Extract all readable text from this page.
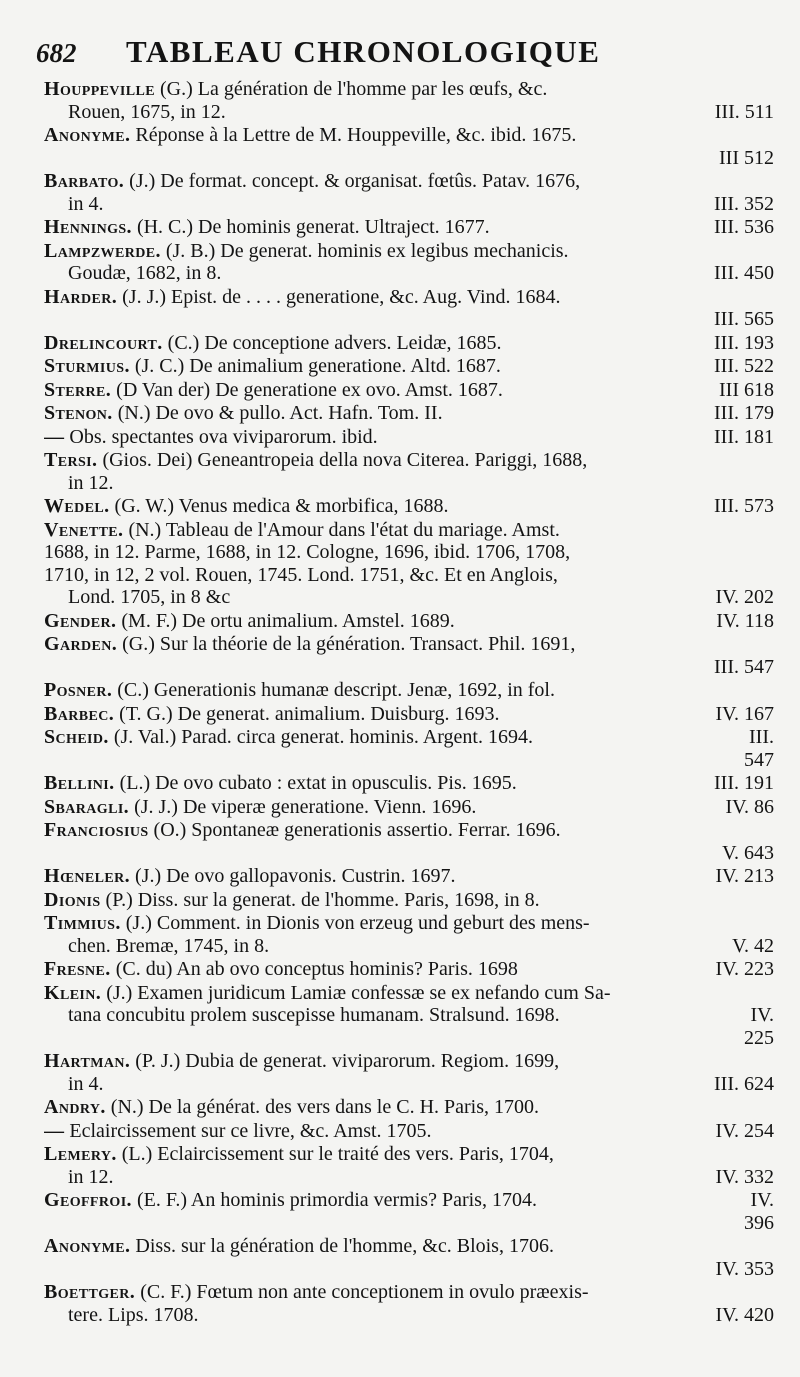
682	TABLEAU CHRONOLOGIQUE
Houppeville (G.) La génération de l'homme par les œufs, &c.
Rouen, 1675, in 12.	III. 511
Anonyme. Réponse à la Lettre de M. Houppeville, &c. ibid. 1675.
III 512
Barbato. (J.) De format. concept. & organisat. fœtûs. Patav. 1676,
in 4.	III. 352
Hennings. (H. C.) De hominis generat. Ultraject. 1677.	III. 536
Lampzwerde. (J. B.) De generat. hominis ex legibus mechanicis.
Goudæ, 1682, in 8.	III. 450
Harder. (J. J.) Epist. de . . . . generatione, &c. Aug. Vind. 1684.
III. 565
Drelincourt. (C.) De conceptione advers. Leidæ, 1685.	III. 193
Sturmius. (J. C.) De animalium generatione. Altd. 1687.	III. 522
Sterre. (D Van der) De generatione ex ovo. Amst. 1687.	III 618
Stenon. (N.) De ovo & pullo. Act. Hafn. Tom. II.	III. 179
— Obs. spectantes ova viviparorum. ibid.	III. 181
Tersi. (Gios. Dei) Geneantropeia della nova Citerea. Pariggi, 1688,
in 12.
Wedel. (G. W.) Venus medica & morbifica, 1688.	III. 573
Venette. (N.) Tableau de l'Amour dans l'état du mariage. Amst.
1688, in 12. Parme, 1688, in 12. Cologne, 1696, ibid. 1706, 1708,
1710, in 12, 2 vol. Rouen, 1745. Lond. 1751, &c. Et en Anglois,
Lond. 1705, in 8 &c	IV. 202
Gender. (M. F.) De ortu animalium. Amstel. 1689.	IV. 118
Garden. (G.) Sur la théorie de la génération. Transact. Phil. 1691,
III. 547
Posner. (C.) Generationis humanæ descript. Jenæ, 1692, in fol.
Barbec. (T. G.) De generat. animalium. Duisburg. 1693.	IV. 167
Scheid. (J. Val.) Parad. circa generat. hominis. Argent. 1694.	III.
547
Bellini. (L.) De ovo cubato : extat in opusculis. Pis. 1695.	III. 191
Sbaragli. (J. J.) De viperæ generatione. Vienn. 1696.	IV. 86
Franciosius (O.) Spontaneæ generationis assertio. Ferrar. 1696.
V. 643
Hœneler. (J.) De ovo gallopavonis. Custrin. 1697.	IV. 213
Dionis (P.) Diss. sur la generat. de l'homme. Paris, 1698, in 8.
Timmius. (J.) Comment. in Dionis von erzeug und geburt des mens-
chen. Bremæ, 1745, in 8.	V. 42
Fresne. (C. du) An ab ovo conceptus hominis? Paris. 1698	IV. 223
Klein. (J.) Examen juridicum Lamiæ confessæ se ex nefando cum Sa-
tana concubitu prolem suscepisse humanam. Stralsund. 1698.	IV.
225
Hartman. (P. J.) Dubia de generat. viviparorum. Regiom. 1699,
in 4.	III. 624
Andry. (N.) De la générat. des vers dans le C. H. Paris, 1700.
— Eclaircissement sur ce livre, &c. Amst. 1705.	IV. 254
Lemery. (L.) Eclaircissement sur le traité des vers. Paris, 1704,
in 12.	IV. 332
Geoffroi. (E. F.) An hominis primordia vermis? Paris, 1704.	IV.
396
Anonyme. Diss. sur la génération de l'homme, &c. Blois, 1706.
IV. 353
Boettger. (C. F.) Fœtum non ante conceptionem in ovulo præexis-
tere. Lips. 1708.	IV. 420
